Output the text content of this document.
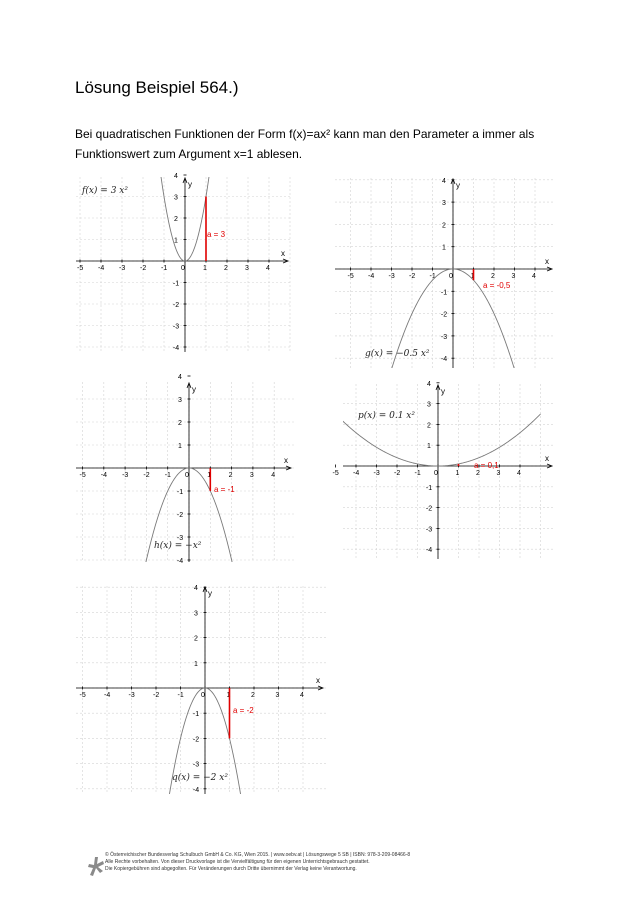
Lösung Beispiel 564.)

Bei quadratischen Funktionen der Form f(x)=ax² kann man den Parameter a immer als Funktionswert zum Argument x=1 ablesen.

x
y
-5 -4 -3 -2 -1 0	1 2 3 4
4
3
2
1
-1
-2
-3
-4
a = 3
f(x) = 3 x²
x
y
-5 -4 -3 -2 -1 0	1 2 3 4
4
3
2
1
-1
-2
-3
-4
a = -0,5
g(x) = −0.5 x²
x
y
-5 -4 -3 -2 -1 0	1 2 3 4
4
3
2
1
-1
-2
-3
-4
a = -1
h(x) = −x²
x
y
-5 -4 -3 -2 -1 0	1 2 3 4
4
3
2
1
-1
-2
-3
-4
a = 0,1
p(x) = 0.1 x²
x
y
-5	-4	-3	-2	-1 0	1	2	3	4
4
3
2
1
-1
-2
-3
-4
a = -2
q(x) = −2 x²
© Österreichischer Bundesverlag Schulbuch GmbH & Co. KG, Wien 2015. | www.oebv.at | Lösungswege 5 SB | ISBN: 978-3-209-08466-8
Alle Rechte vorbehalten. Von dieser Druckvorlage ist die Vervielfältigung für den eigenen Unterrichtsgebrauch gestattet.
Die Kopiergebühren sind abgegolten. Für Veränderungen durch Dritte übernimmt der Verlag keine Verantwortung.
